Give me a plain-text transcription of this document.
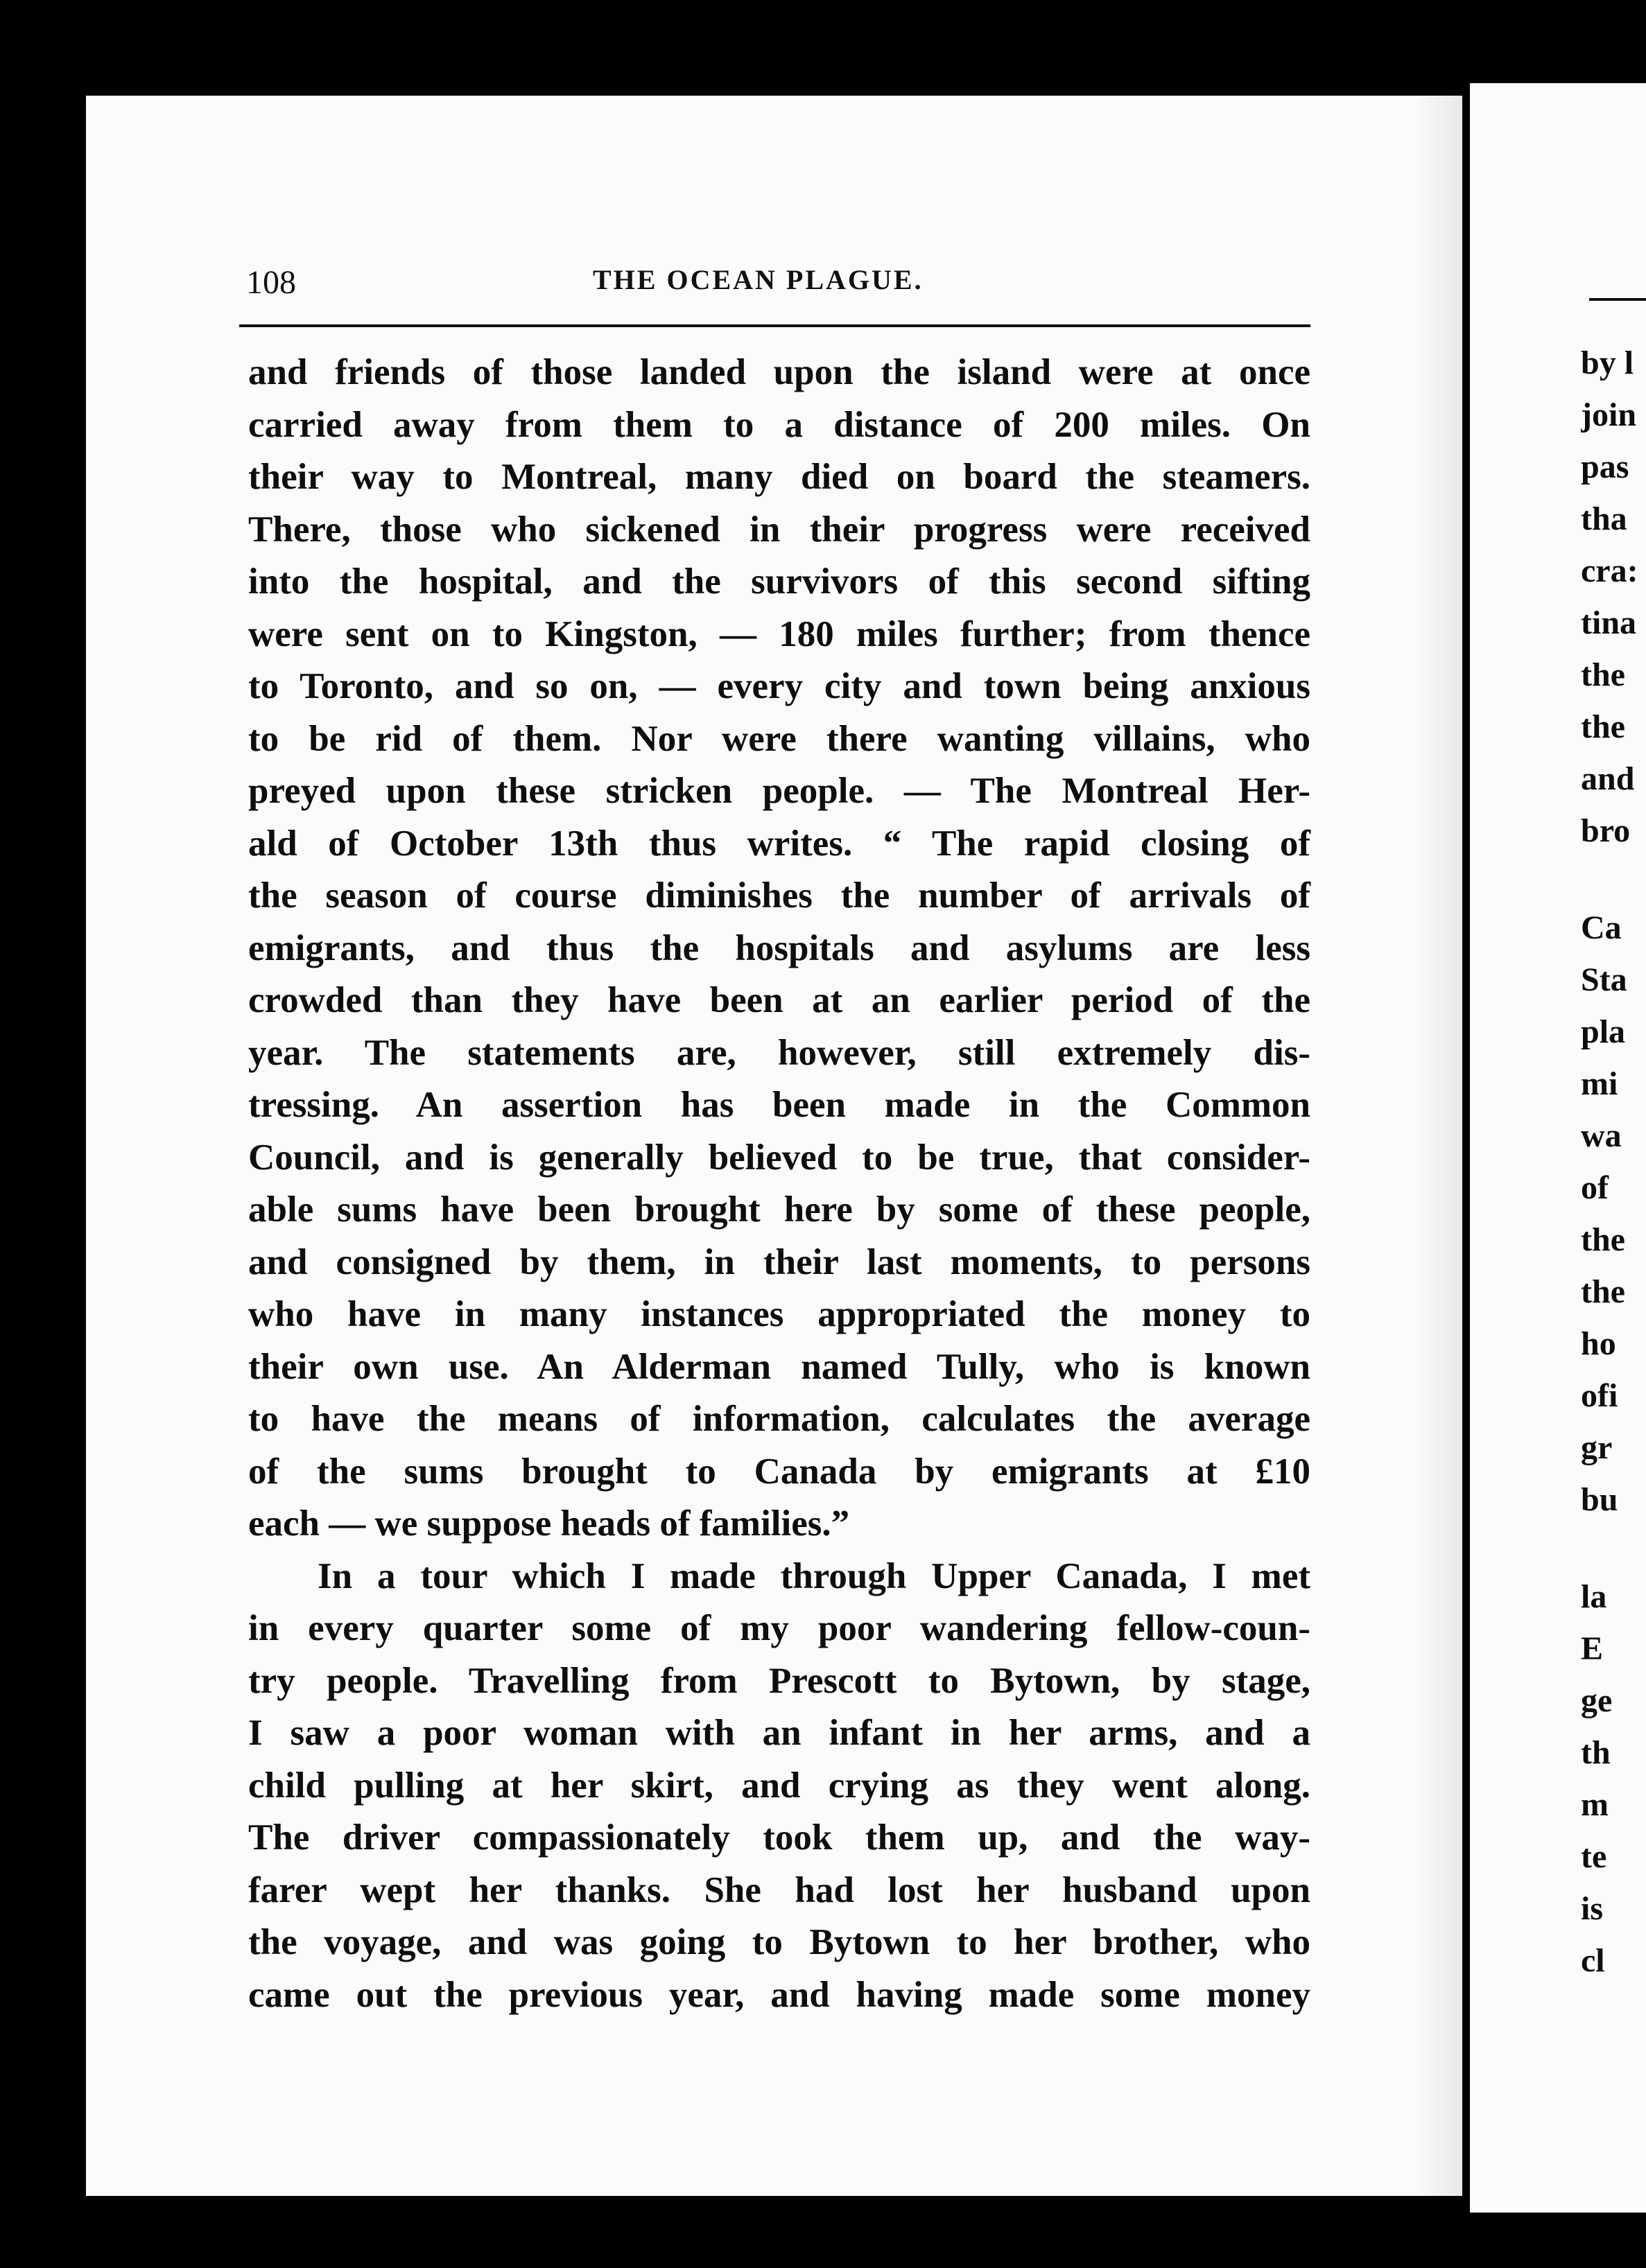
108	THE OCEAN PLAGUE.
and friends of those landed upon the island were at once
carried away from them to a distance of 200 miles. On
their way to Montreal, many died on board the steamers.
There, those who sickened in their progress were received
into the hospital, and the survivors of this second sifting
were sent on to Kingston, — 180 miles further; from thence
to Toronto, and so on, — every city and town being anxious
to be rid of them. Nor were there wanting villains, who
preyed upon these stricken people. — The Montreal Her-
ald of October 13th thus writes. “ The rapid closing of
the season of course diminishes the number of arrivals of
emigrants, and thus the hospitals and asylums are less
crowded than they have been at an earlier period of the
year. The statements are, however, still extremely dis-
tressing. An assertion has been made in the Common
Council, and is generally believed to be true, that consider-
able sums have been brought here by some of these people,
and consigned by them, in their last moments, to persons
who have in many instances appropriated the money to
their own use. An Alderman named Tully, who is known
to have the means of information, calculates the average
of the sums brought to Canada by emigrants at £10
each — we suppose heads of families.”
In a tour which I made through Upper Canada, I met
in every quarter some of my poor wandering fellow-coun-
try people. Travelling from Prescott to Bytown, by stage,
I saw a poor woman with an infant in her arms, and a
child pulling at her skirt, and crying as they went along.
The driver compassionately took them up, and the way-
farer wept her thanks. She had lost her husband upon
the voyage, and was going to Bytown to her brother, who
came out the previous year, and having made some money
by l
join
pas
tha
cra:
tina
the
the
and
bro
Ca
Sta
pla
mi
wa
of
the
the
ho
ofi
gr
bu
la
E
ge
th
m
te
is
cl
